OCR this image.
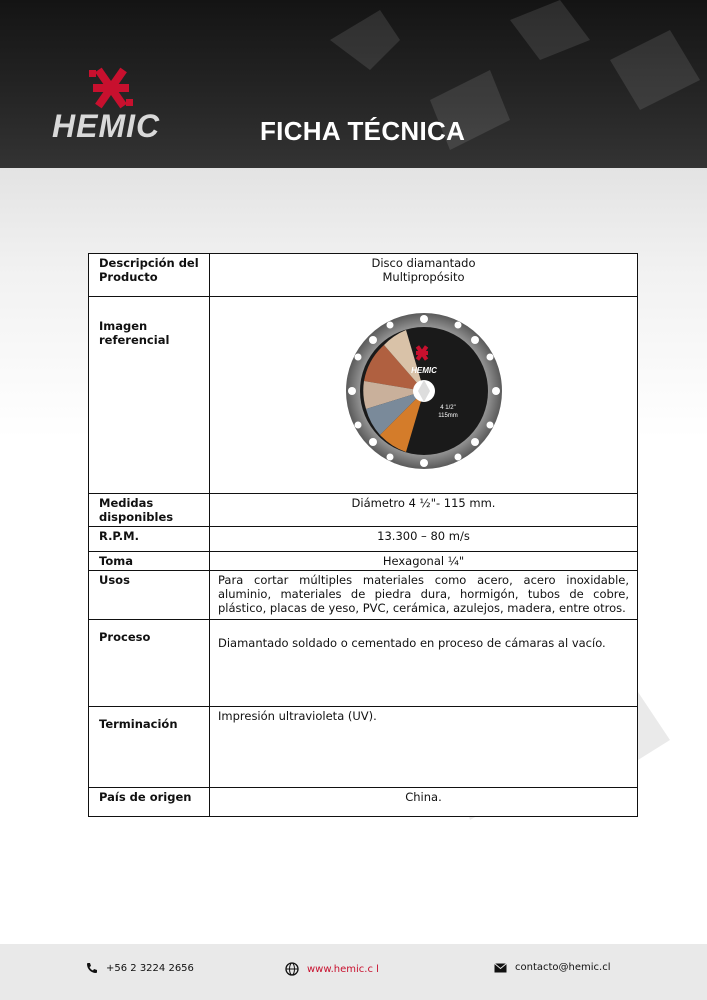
HEMIC	FICHA TÉCNICA
Descripción del Producto	Disco diamantado
Multipropósito

Imagen referencial	HEMIC
4 1/2"
115mm

Medidas disponibles	Diámetro 4 ½"- 115 mm.
R.P.M.	13.300 – 80 m/s
Toma	Hexagonal ¼"
Usos	Para cortar múltiples materiales como acero, acero inoxidable, aluminio, materiales de piedra dura, hormigón, tubos de cobre, plástico, placas de yeso, PVC, cerámica, azulejos, madera, entre otros.
Proceso	Diamantado soldado o cementado en proceso de cámaras al vacío.
Terminación	Impresión ultravioleta (UV).
País de origen	China.
+56 2 3224 2656	www.hemic.c l	contacto@hemic.cl
